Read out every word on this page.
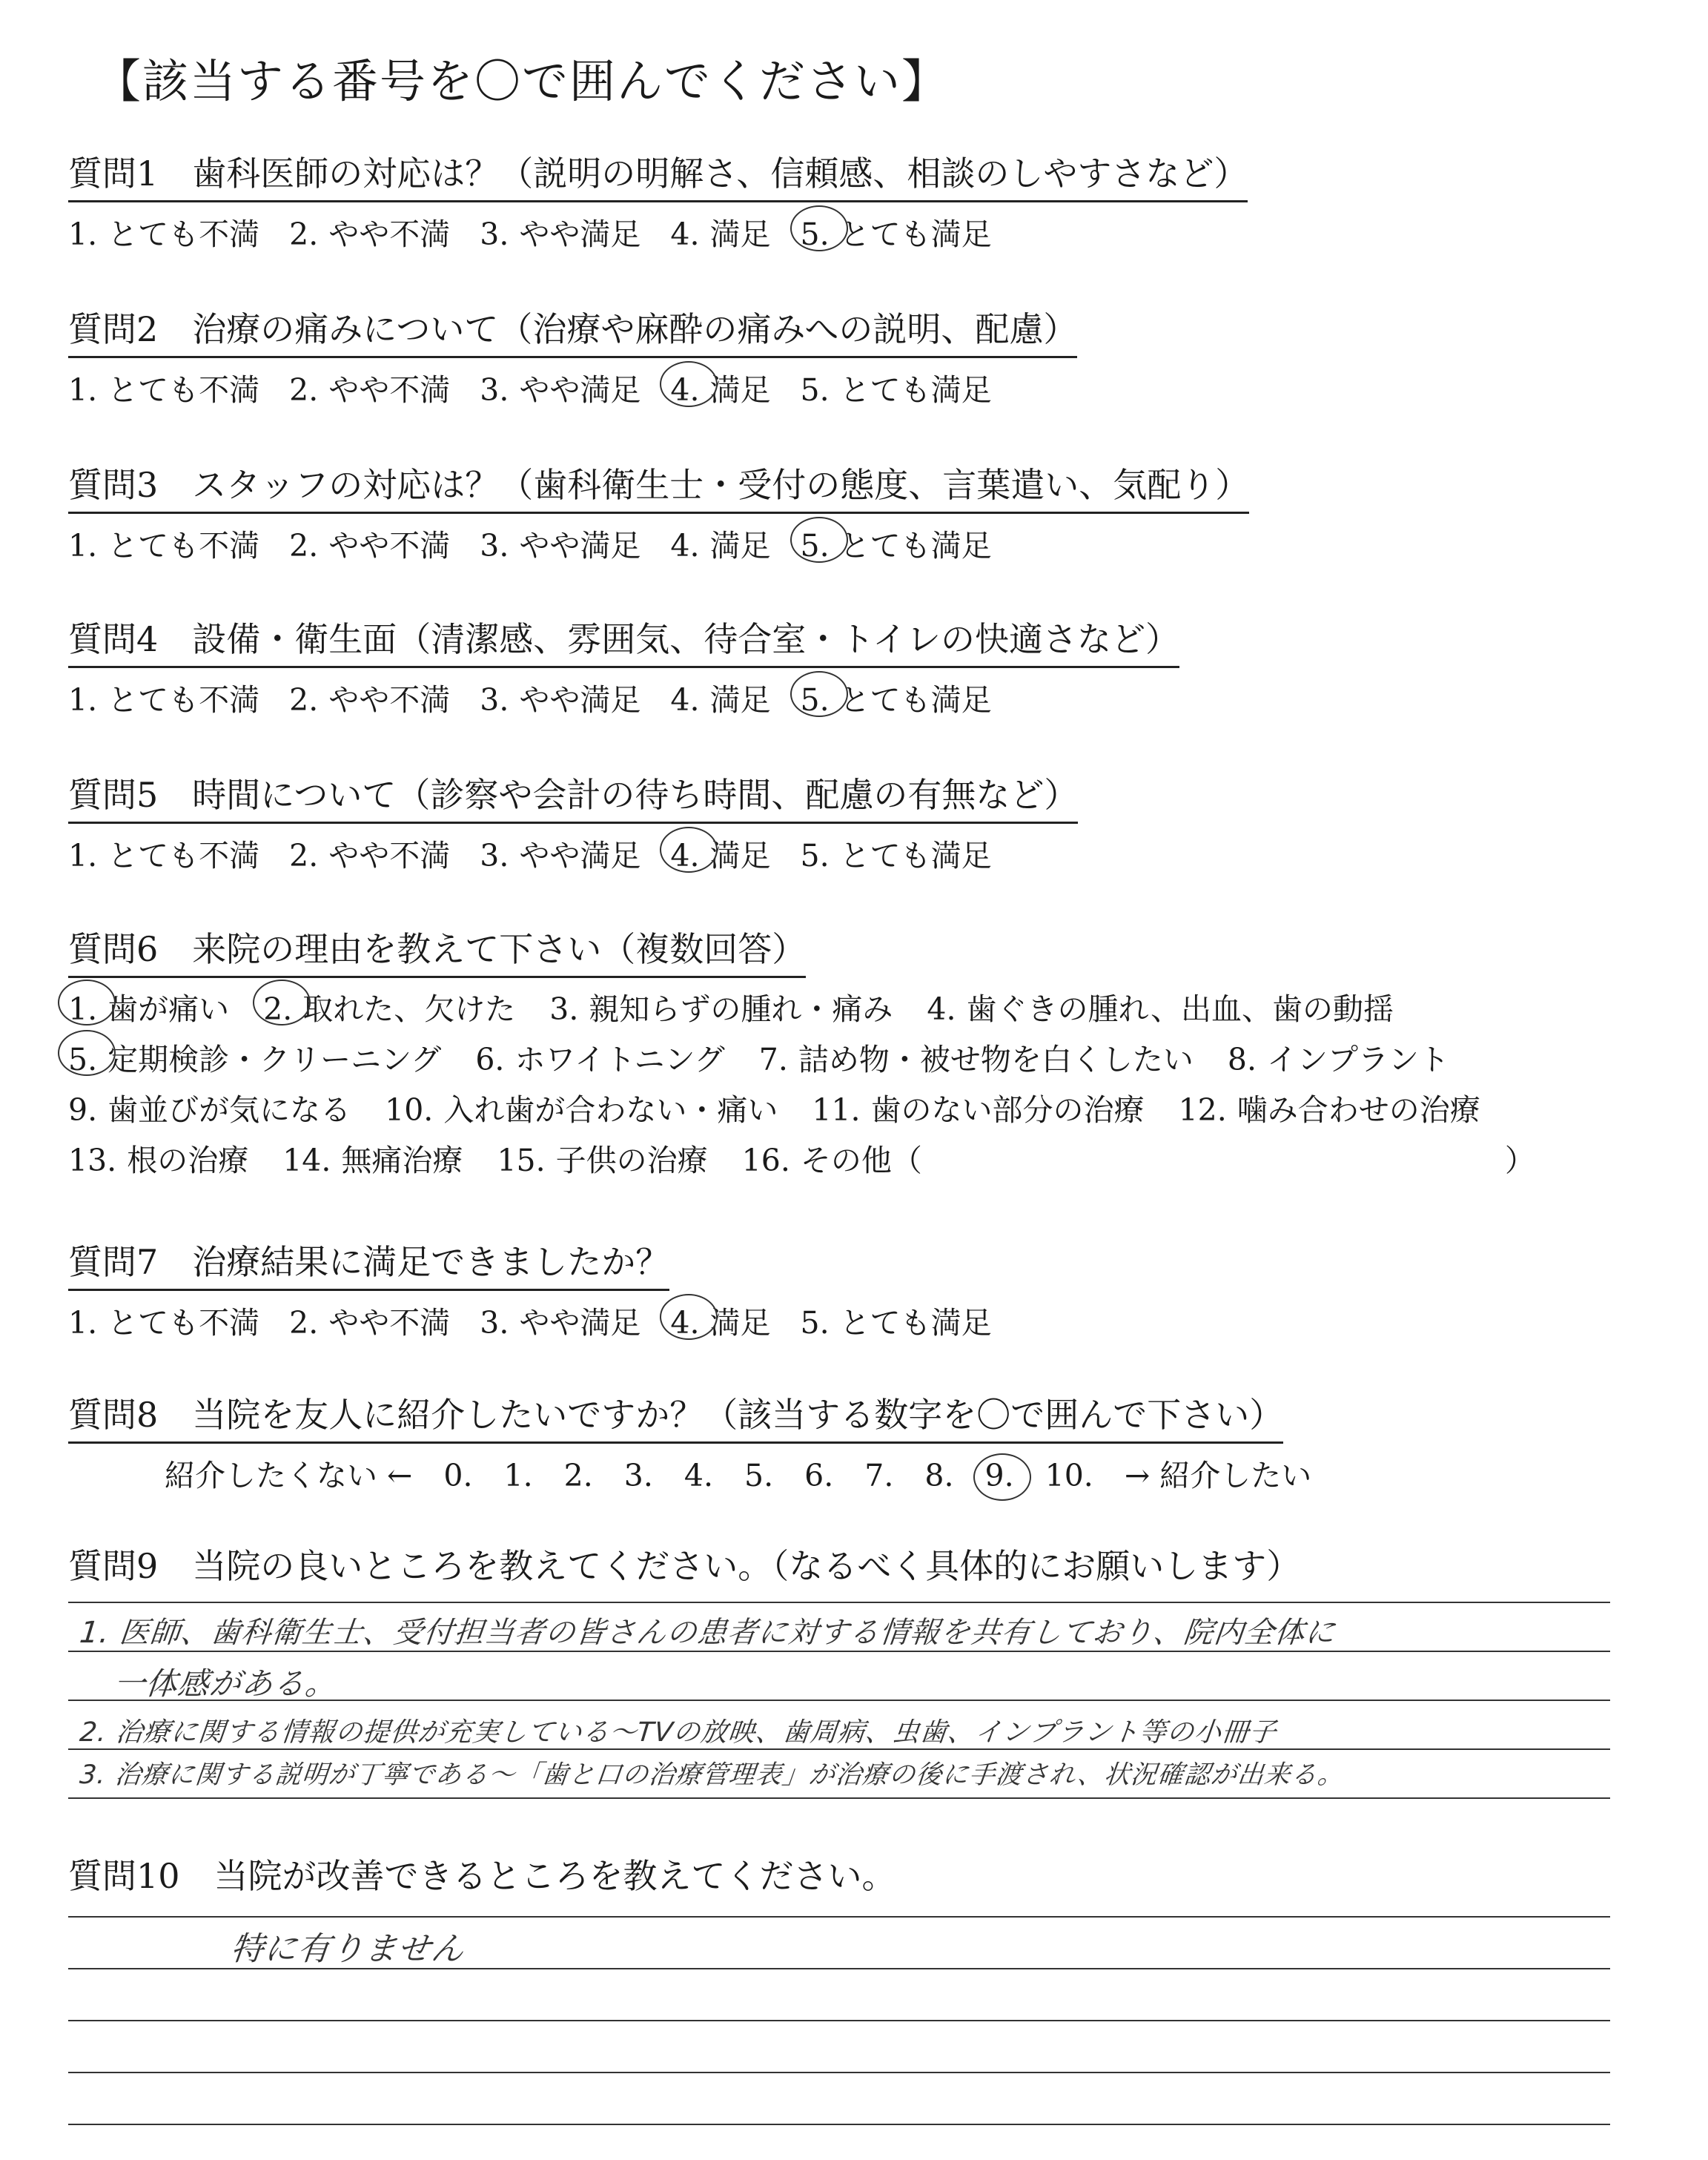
【該当する番号を〇で囲んでください】
質問1　歯科医師の対応は？（説明の明解さ、信頼感、相談のしやすさなど）
1. とても不満 2. やや不満 3. やや満足 4. 満足 5. とても満足
質問2　治療の痛みについて（治療や麻酔の痛みへの説明、配慮）
1. とても不満 2. やや不満 3. やや満足 4. 満足 5. とても満足
質問3　スタッフの対応は？（歯科衛生士・受付の態度、言葉遣い、気配り）
1. とても不満 2. やや不満 3. やや満足 4. 満足 5. とても満足
質問4　設備・衛生面（清潔感、雰囲気、待合室・トイレの快適さなど）
1. とても不満 2. やや不満 3. やや満足 4. 満足 5. とても満足
質問5　時間について（診察や会計の待ち時間、配慮の有無など）
1. とても不満 2. やや不満 3. やや満足 4. 満足 5. とても満足
質問6　来院の理由を教えて下さい（複数回答）
1. 歯が痛い 2. 取れた、欠けた 3. 親知らずの腫れ・痛み 4. 歯ぐきの腫れ、出血、歯の動揺
5. 定期検診・クリーニング 6. ホワイトニング 7. 詰め物・被せ物を白くしたい 8. インプラント
9. 歯並びが気になる 10. 入れ歯が合わない・痛い 11. 歯のない部分の治療 12. 噛み合わせの治療
13. 根の治療 14. 無痛治療 15. 子供の治療 16. その他（	）
質問7　治療結果に満足できましたか？
1. とても不満 2. やや不満 3. やや満足 4. 満足 5. とても満足
質問8　当院を友人に紹介したいですか？（該当する数字を〇で囲んで下さい）
紹介したくない ← 0. 1. 2. 3. 4. 5. 6. 7. 8. 9. 10. → 紹介したい
質問9　当院の良いところを教えてください。（なるべく具体的にお願いします）
1. 医師、歯科衛生士、受付担当者の皆さんの患者に対する情報を共有しており、院内全体に
一体感がある。
2. 治療に関する情報の提供が充実している～TVの放映、歯周病、虫歯、インプラント等の小冊子
3. 治療に関する説明が丁寧である～「歯と口の治療管理表」が治療の後に手渡され、状況確認が出来る。
質問10　当院が改善できるところを教えてください。
特に有りません
